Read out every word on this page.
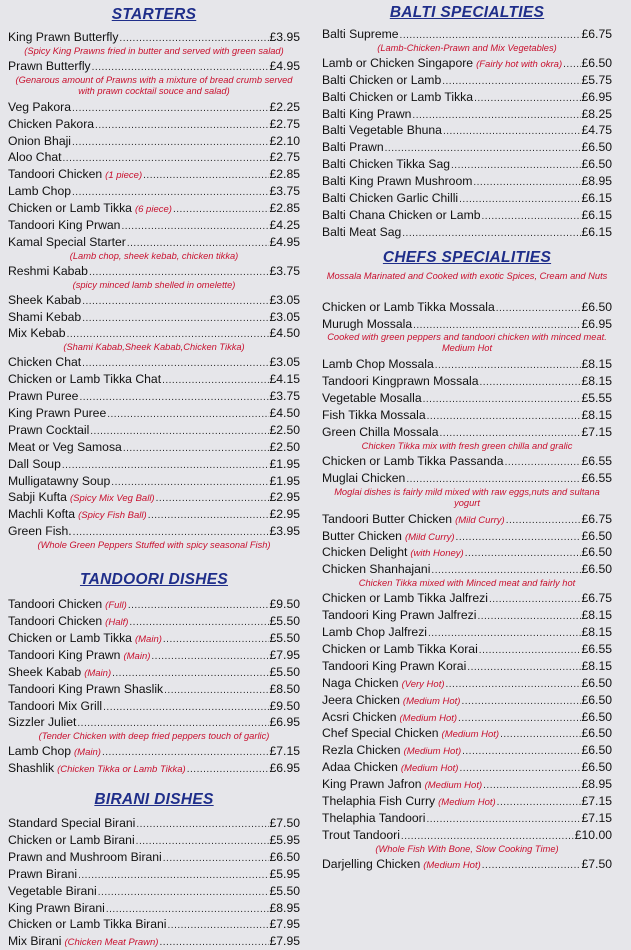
STARTERS
King Prawn Butterfly .....	£3.95
(Spicy King Prawns fried in butter and served with green salad)
Prawn Butterfly .....	£4.95
(Genarous amount of Prawns with a mixture of bread crumb served with prawn cocktail souce and salad)
Veg Pakora .....	£2.25
Chicken Pakora .....	£2.75
Onion Bhaji .....	£2.10
Aloo Chat .....	£2.75
Tandoori Chicken (1 piece) .....	£2.85
Lamb Chop .....	£3.75
Chicken or Lamb Tikka (6 piece) .....	£2.85
Tandoori King Prwan .....	£4.25
Kamal Special Starter .....	£4.95
(Lamb chop, sheek kebab, chicken tikka)
Reshmi Kabab .....	£3.75
(spicy minced lamb shelled in omelette)
Sheek Kabab .....	£3.05
Shami Kebab .....	£3.05
Mix Kebab .....	£4.50
(Shami Kabab,Sheek Kabab,Chicken Tikka)
Chicken Chat .....	£3.05
Chicken or Lamb Tikka Chat .....	£4.15
Prawn Puree .....	£3.75
King Prawn Puree .....	£4.50
Prawn Cocktail .....	£2.50
Meat or Veg Samosa .....	£2.50
Dall Soup .....	£1.95
Mulligatawny Soup .....	£1.95
Sabji Kufta (Spicy Mix Veg Ball) .....	£2.95
Machli Kofta (Spicy Fish Ball) .....	£2.95
Green Fish. .....	£3.95
(Whole Green Peppers Stuffed with spicy seasonal Fish)
TANDOORI DISHES
Tandoori Chicken (Full) .....	£9.50
Tandoori Chicken (Half) .....	£5.50
Chicken or Lamb Tikka (Main) .....	£5.50
Tandoori King Prawn (Main) .....	£7.95
Sheek Kabab (Main) .....	£5.50
Tandoori King Prawn Shaslik .....	£8.50
Tandoori Mix Grill .....	£9.50
Sizzler Juliet .....	£6.95
(Tender Chicken with deep fried peppers touch of garlic)
Lamb Chop (Main) .....	£7.15
Shashlik (Chicken Tikka or Lamb Tikka) .....	£6.95
BIRANI DISHES
Standard Special Birani .....	£7.50
Chicken or Lamb Birani .....	£5.95
Prawn and Mushroom Birani .....	£6.50
Prawn Birani .....	£5.95
Vegetable Birani .....	£5.50
King Prawn Birani .....	£8.95
Chicken or Lamb Tikka Birani .....	£7.95
Mix Birani (Chicken Meat Prawn) .....	£7.95
BALTI SPECIALTIES
Balti Supreme .....	£6.75
(Lamb-Chicken-Prawn and Mix Vegetables)
Lamb or Chicken Singapore (Fairly hot with okra) ..... £6.50
Balti Chicken or Lamb .....	£5.75
Balti Chicken or Lamb Tikka .....	£6.95
Balti King Prawn .....	£8.25
Balti Vegetable Bhuna .....	£4.75
Balti Prawn .....	£6.50
Balti Chicken Tikka Sag .....	£6.50
Balti King Prawn Mushroom .....	£8.95
Balti Chicken Garlic Chilli .....	£6.15
Balti Chana Chicken or Lamb .....	£6.15
Balti Meat Sag .....	£6.15
CHEFS SPECIALITIES
Mossala Marinated and Cooked with exotic Spices, Cream and Nuts
Chicken or Lamb Tikka Mossala .....	£6.50
Murugh Mossala .....	£6.95
Cooked with green peppers and tandoori chicken with minced meat. Medium Hot
Lamb Chop Mossala .....	£8.15
Tandoori Kingprawn Mossala .....	£8.15
Vegetable Mosalla .....	£5.55
Fish Tikka Mossala .....	£8.15
Green Chilla Mossala .....	£7.15
Chicken Tikka mix with fresh green chilla and gralic
Chicken or Lamb Tikka Passanda .....	£6.55
Muglai Chicken .....	£6.55
Moglai dishes is fairly mild mixed with raw eggs,nuts and sultana yogurt
Tandoori Butter Chicken (Mild Curry) .....	£6.75
Butter Chicken (Mild Curry) .....	£6.50
Chicken Delight (with Honey) .....	£6.50
Chicken Shanhajani .....	£6.50
Chicken Tikka mixed with Minced meat and fairly hot
Chicken or Lamb Tikka Jalfrezi .....	£6.75
Tandoori King Prawn Jalfrezi .....	£8.15
Lamb Chop Jalfrezi .....	£8.15
Chicken or Lamb Tikka Korai .....	£6.55
Tandoori King Prawn Korai .....	£8.15
Naga Chicken (Very Hot) .....	£6.50
Jeera Chicken (Medium Hot) .....	£6.50
Acsri Chicken (Medium Hot) .....	£6.50
Chef Special Chicken (Medium Hot) .....	£6.50
Rezla Chicken (Medium Hot) .....	£6.50
Adaa Chicken (Medium Hot) .....	£6.50
King Prawn Jafron (Medium Hot) .....	£8.95
Thelaphia Fish Curry (Medium Hot) .....	£7.15
Thelaphia Tandoori .....	£7.15
Trout Tandoori .....	£10.00
(Whole Fish With Bone, Slow Cooking Time)
Darjelling Chicken (Medium Hot) .....	£7.50
